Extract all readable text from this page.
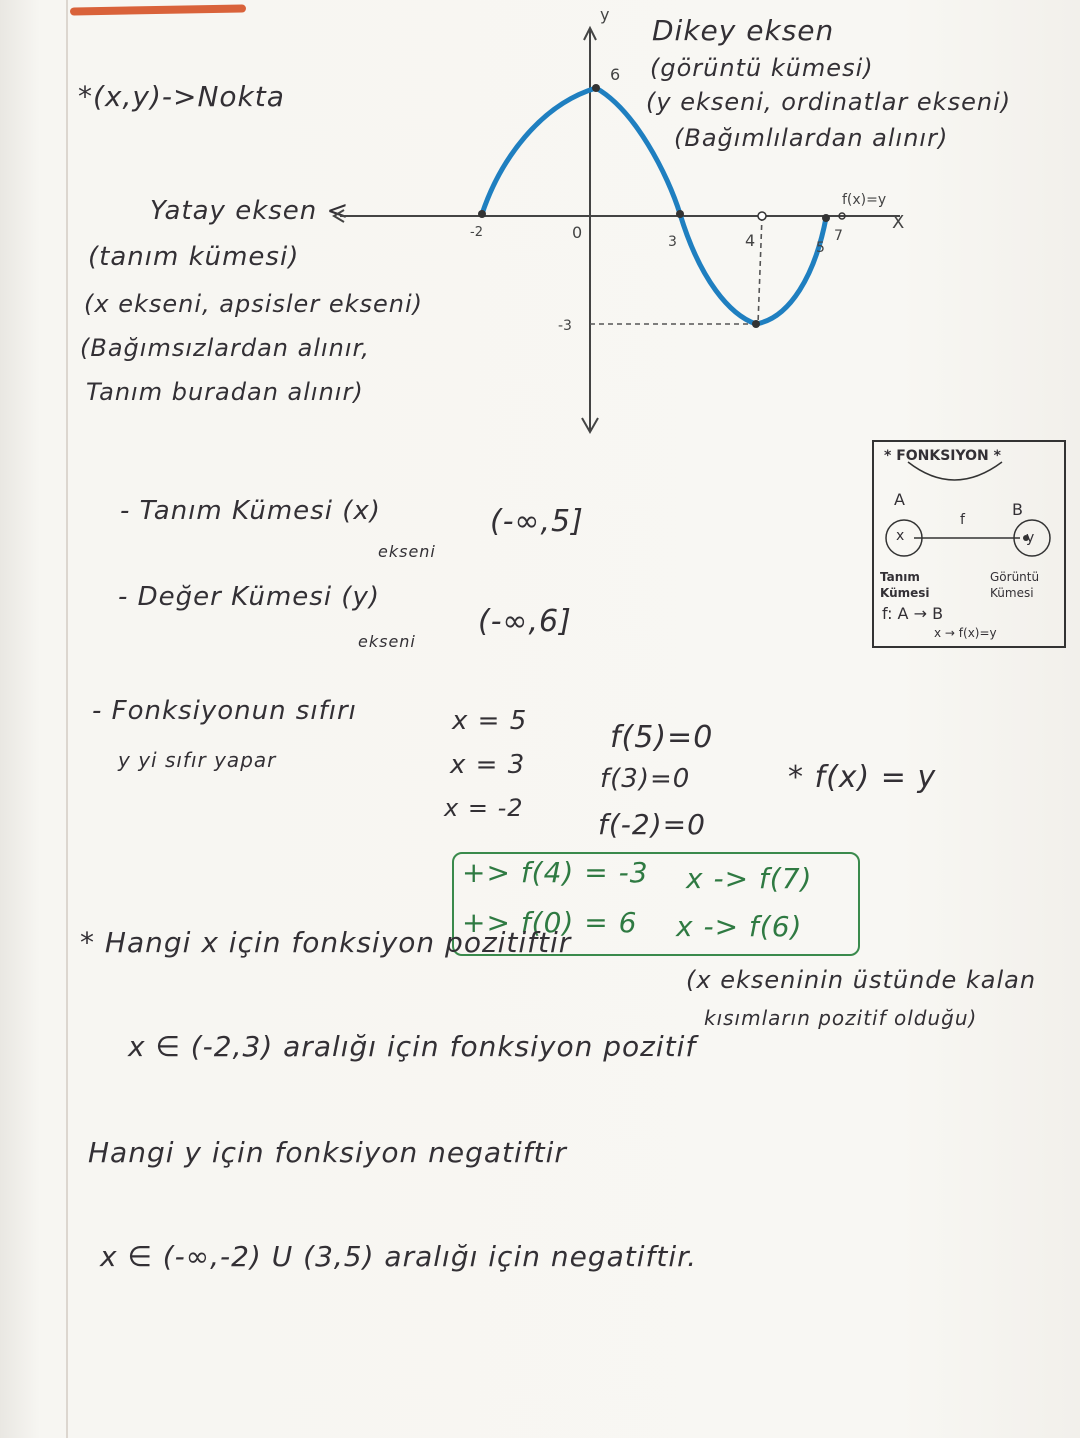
*(x,y)->Nokta
Dikey eksen
(görüntü kümesi)
(y ekseni, ordinatlar ekseni)
(Bağımlılardan alınır)
Yatay eksen <
(tanım kümesi)
(x ekseni, apsisler ekseni)
(Bağımsızlardan alınır,
Tanım buradan alınır)
y
X
f(x)=y
0
-2
3	4	5
7
6
-3
* FONKSIYON *
A
B
x	y
f
Tanım
Kümesi
Görüntü
Kümesi
f: A → B
x → f(x)=y
- Tanım Kümesi (x)
ekseni
(-∞,5]
- Değer Kümesi (y)
ekseni
(-∞,6]
- Fonksiyonun sıfırı
y yi sıfır yapar
x = 5
x = 3
x = -2
f(5)=0
f(3)=0
f(-2)=0
* f(x) = y
+> f(4) = -3 x -> f(7)
+> f(0) = 6 x -> f(6)
* Hangi x için fonksiyon pozitiftir
(x ekseninin üstünde kalan
kısımların pozitif olduğu)
x ∈ (-2,3) aralığı için fonksiyon pozitif
Hangi y için fonksiyon negatiftir
x ∈ (-∞,-2) U (3,5) aralığı için negatiftir.
